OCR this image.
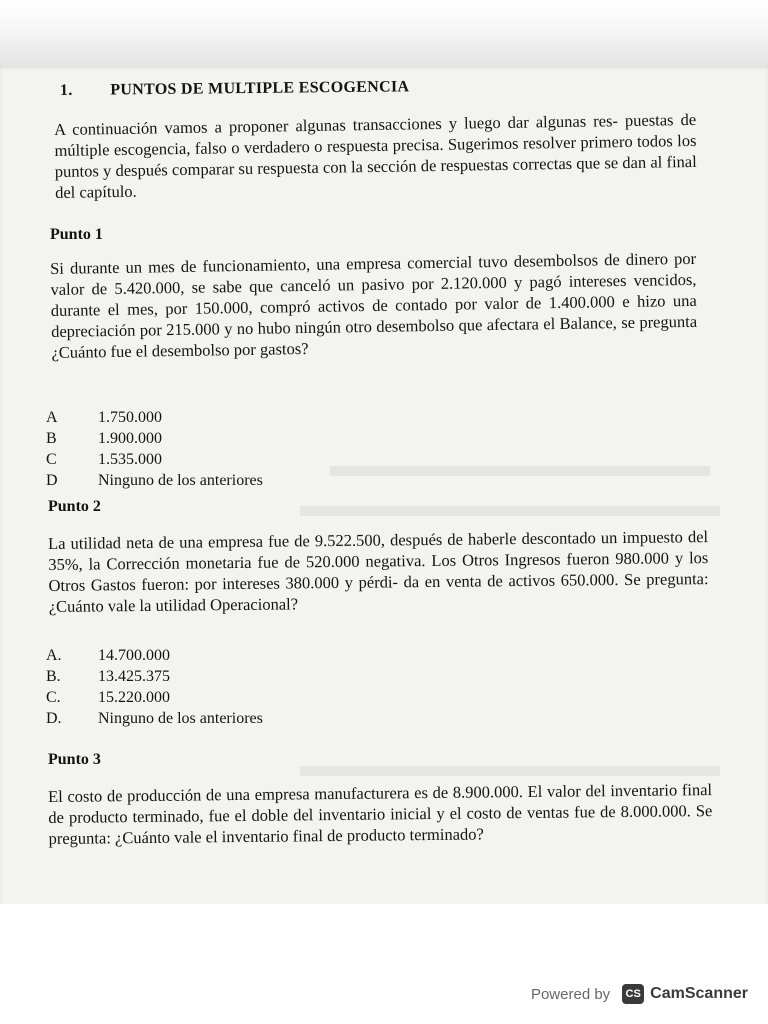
1. PUNTOS DE MULTIPLE ESCOGENCIA
A continuación vamos a proponer algunas transacciones y luego dar algunas res- puestas de múltiple escogencia, falso o verdadero o respuesta precisa. Sugerimos resolver primero todos los puntos y después comparar su respuesta con la sección de respuestas correctas que se dan al final del capítulo.
Punto 1
Si durante un mes de funcionamiento, una empresa comercial tuvo desembolsos de dinero por valor de 5.420.000, se sabe que canceló un pasivo por 2.120.000 y pagó intereses vencidos, durante el mes, por 150.000, compró activos de contado por valor de 1.400.000 e hizo una depreciación por 215.000 y no hubo ningún otro desembolso que afectara el Balance, se pregunta ¿Cuánto fue el desembolso por gastos?
A	1.750.000
B	1.900.000
C	1.535.000
D	Ninguno de los anteriores
Punto 2
La utilidad neta de una empresa fue de 9.522.500, después de haberle descontado un impuesto del 35%, la Corrección monetaria fue de 520.000 negativa. Los Otros Ingresos fueron 980.000 y los Otros Gastos fueron: por intereses 380.000 y pérdi- da en venta de activos 650.000. Se pregunta: ¿Cuánto vale la utilidad Operacional?
A.	14.700.000
B.	13.425.375
C.	15.220.000
D.	Ninguno de los anteriores
Punto 3
El costo de producción de una empresa manufacturera es de 8.900.000. El valor del inventario final de producto terminado, fue el doble del inventario inicial y el costo de ventas fue de 8.000.000. Se pregunta: ¿Cuánto vale el inventario final de producto terminado?
Powered by	CS CamScanner
